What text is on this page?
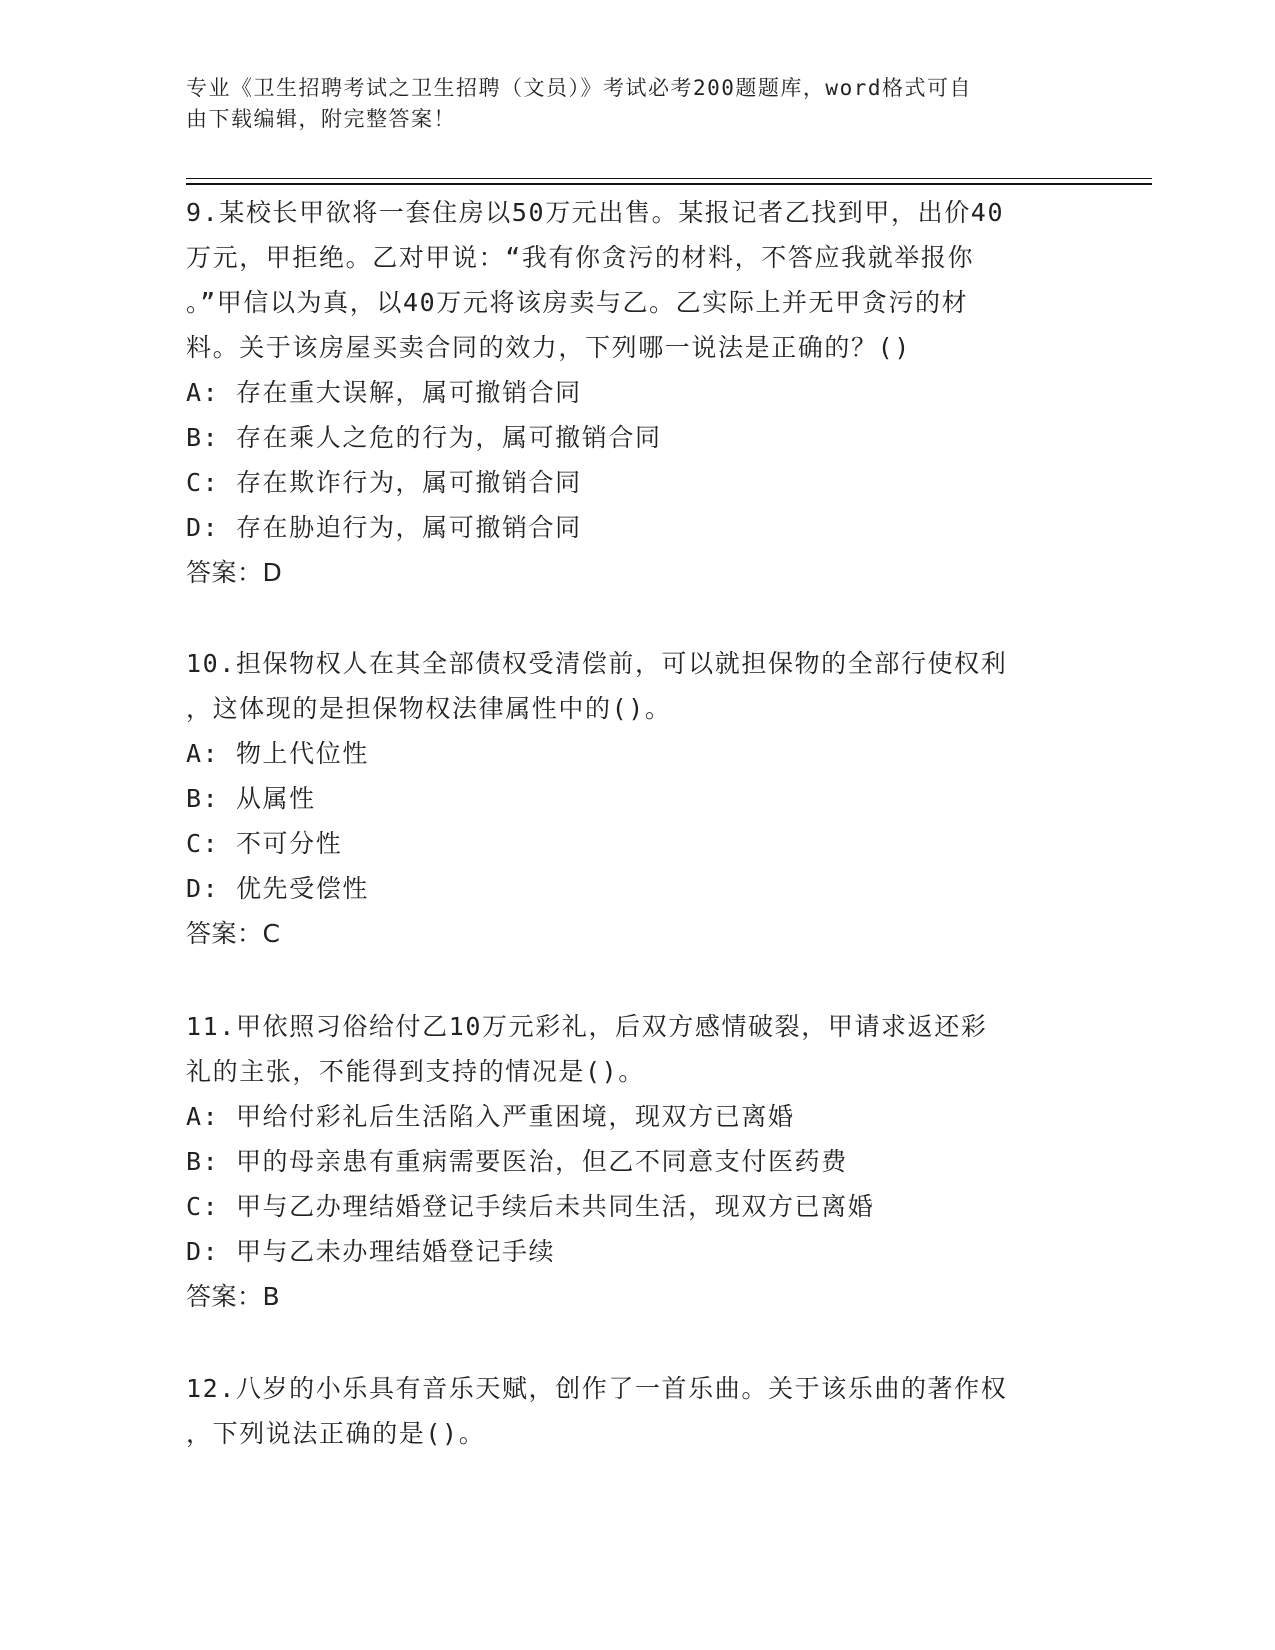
专业《卫生招聘考试之卫生招聘（文员）》考试必考200题题库，word格式可自
由下载编辑，附完整答案！
9.某校长甲欲将一套住房以50万元出售。某报记者乙找到甲，出价40
万元，甲拒绝。乙对甲说：“我有你贪污的材料，不答应我就举报你
。”甲信以为真，以40万元将该房卖与乙。乙实际上并无甲贪污的材
料。关于该房屋买卖合同的效力，下列哪一说法是正确的？()
A: 存在重大误解，属可撤销合同
B: 存在乘人之危的行为，属可撤销合同
C: 存在欺诈行为，属可撤销合同
D: 存在胁迫行为，属可撤销合同
答案：D
10.担保物权人在其全部债权受清偿前，可以就担保物的全部行使权利
，这体现的是担保物权法律属性中的()。
A: 物上代位性
B: 从属性
C: 不可分性
D: 优先受偿性
答案：C
11.甲依照习俗给付乙10万元彩礼，后双方感情破裂，甲请求返还彩
礼的主张，不能得到支持的情况是()。
A: 甲给付彩礼后生活陷入严重困境，现双方已离婚
B: 甲的母亲患有重病需要医治，但乙不同意支付医药费
C: 甲与乙办理结婚登记手续后未共同生活，现双方已离婚
D: 甲与乙未办理结婚登记手续
答案：B
12.八岁的小乐具有音乐天赋，创作了一首乐曲。关于该乐曲的著作权
，下列说法正确的是()。
